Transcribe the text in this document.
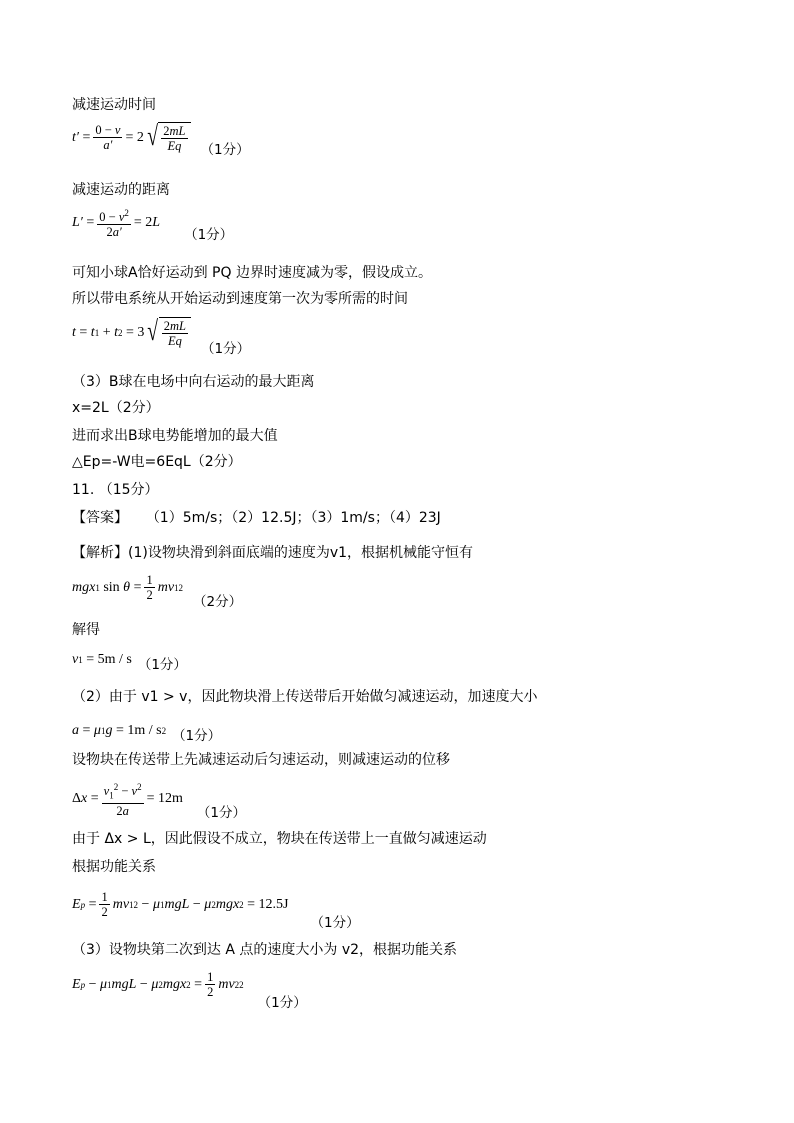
减速运动时间
$t' = \frac{0 - v}{a'} = 2$ √ $\frac{2mL}{Eq} (1$分）
减速运动的距离
$L' = \frac{0 - v^2}{2a'} = 2$ L
（1分）
可知小球A恰好运动到 PQ 边界时速度减为零，假设成立。
所以带电系统从开始运动到速度第一次为零所需的时间
t = t 1 + t 2 = 3 √ $\frac{2mL}{Eq}$
（1分）
（3）B球在电场中向右运动的最大距离
x=2L（2分）
进而求出B球电势能增加的最大值
△Ep=-W电=6EqL（2分）
11. （15分）
【答案】 （1）5m/s；（2）12.5J；（3）1m/s；（4）23J
【解析】(1)设物块滑到斜面底端的速度为v1，根据机械能守恒有
mgx 1 $\sin \theta = \frac{1}{2}$ mv 1 2
（2分）
解得
v 1 = 5m / s （1分）
（2）由于 v1 > v，因此物块滑上传送带后开始做匀减速运动，加速度大小
a = μ 1 g = 1m / s 2 （1分）
设物块在传送带上先减速运动后匀速运动，则减速运动的位移
Δ $x = \frac{v_1^2 - v^2}{2a} = 12m$
（1分）
由于 Δx > L，因此假设不成立，物块在传送带上一直做匀减速运动
根据功能关系
E $p = \frac{1}{2}$ mv 1 2 − μ 1 mgL − μ 2 mgx 2 = 12.5J
（1分）
（3）设物块第二次到达 A 点的速度大小为 v2，根据功能关系
E p − μ 1 mgL − μ 2 mgx $2 = \frac{1}{2}$ mv 2 2
（1分）
